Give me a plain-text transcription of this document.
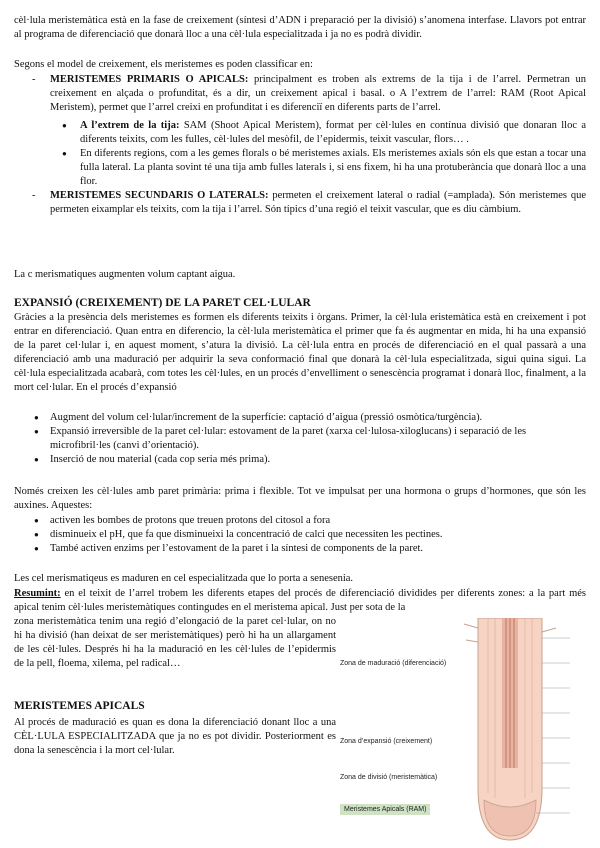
cèl·lula meristemàtica està en la fase de creixement (síntesi d’ADN i preparació per la divisió) s’anomena interfase. Llavors pot entrar al programa de diferenciació que donarà lloc a una cèl·lula especialitzada i ja no es podrà dividir.

Segons el model de creixement, els meristemes es poden classificar en:

- MERISTEMES PRIMARIS O APICALS: principalment es troben als extrems de la tija i de l’arrel. Permetran un creixement en alçada o profunditat, és a dir, un creixement apical i basal. o A l’extrem de l’arrel: RAM (Root Apical Meristem), permet que l’arrel creixi en profunditat i es diferenciï en diferents parts de l’arrel.
● A l’extrem de la tija: SAM (Shoot Apical Meristem), format per cèl·lules en contínua divisió que donaran lloc a diferents teixits, com les fulles, cèl·lules del mesòfil, de l’epidermis, teixit vascular, flors… .
● En diferents regions, com a les gemes florals o bé meristemes axials. Els meristemes axials són els que estan a tocar una fulla lateral. La planta sovint té una tija amb fulles laterals i, si ens fixem, hi ha una protuberància que donarà lloc a una flor.
- MERISTEMES SECUNDARIS O LATERALS: permeten el creixement lateral o radial (=amplada). Són meristemes que permeten eixamplar els teixits, com la tija i l’arrel. Són típics d’una regió el teixit vascular, que es diu càmbium.

La c merismatiques augmenten volum captant aigua.

EXPANSIÓ (CREIXEMENT) DE LA PARET CEL·LULAR

Gràcies a la presència dels meristemes es formen els diferents teixits i òrgans. Primer, la cèl·lula eristemàtica està en creixement i pot entrar en diferenciació. Quan entra en diferencio, la cèl·lula meristemàtica el primer que fa és augmentar en mida, hi ha una expansió de la paret cel·lular i, en aquest moment, s’atura la divisió. La cèl·lula entra en procés de diferenciació en el qual passarà a una diferenciació amb una maduració per adquirir la seva conformació final que donarà la cèl·lula especialitzada, sigui quina sigui. La cèl·lula especialitzada acabarà, com totes les cèl·lules, en un procés d’envelliment o senescència programat i donarà lloc, finalment, a la mort cel·lular. En el procés d’expansió

● Augment del volum cel·lular/increment de la superfície: captació d’aigua (pressió osmòtica/turgència).
● Expansió irreversible de la paret cel·lular: estovament de la paret (xarxa cel·lulosa-xiloglucans) i separació de les microfibril·les (canvi d’orientació).
● Inserció de nou material (cada cop seria més prima).

Només creixen les cèl·lules amb paret primària: prima i flexible. Tot ve impulsat per una hormona o grups d’hormones, que són les auxines. Aquestes:

● activen les bombes de protons que treuen protons del citosol a fora
● disminueix el pH, que fa que disminueixi la concentració de calci que necessiten les pectines.
● També activen enzims per l’estovament de la paret i la síntesi de components de la paret.

Les cel merismatiqeus es maduren en cel especialitzada que lo porta a senesenia.

Resumint: en el teixit de l’arrel trobem les diferents etapes del procés de diferenciació dividides per diferents zones: a la part més apical tenim cèl·lules meristemàtiques contingudes en el meristema apical. Just per sota de la

zona meristemàtica tenim una regió d’elongació de la paret cel·lular, on no hi ha divisió (han deixat de ser meristemàtiques) però hi ha un allargament de les cèl·lules. Després hi ha la maduració en les cèl·lules de l’epidermis de la pell, floema, xilema, pel radical…

MERISTEMES APICALS

Al procés de maduració es quan es dona la diferenciació donant lloc a una CÈL·LULA ESPECIALITZADA que ja no es pot dividir. Posteriorment es dona la senescència i la mort cel·lular.

Zona de maduració (diferenciació)
Zona d’expansió (creixement)
Zona de divisió (meristemàtica)
Meristemes Apicals (RAM)
